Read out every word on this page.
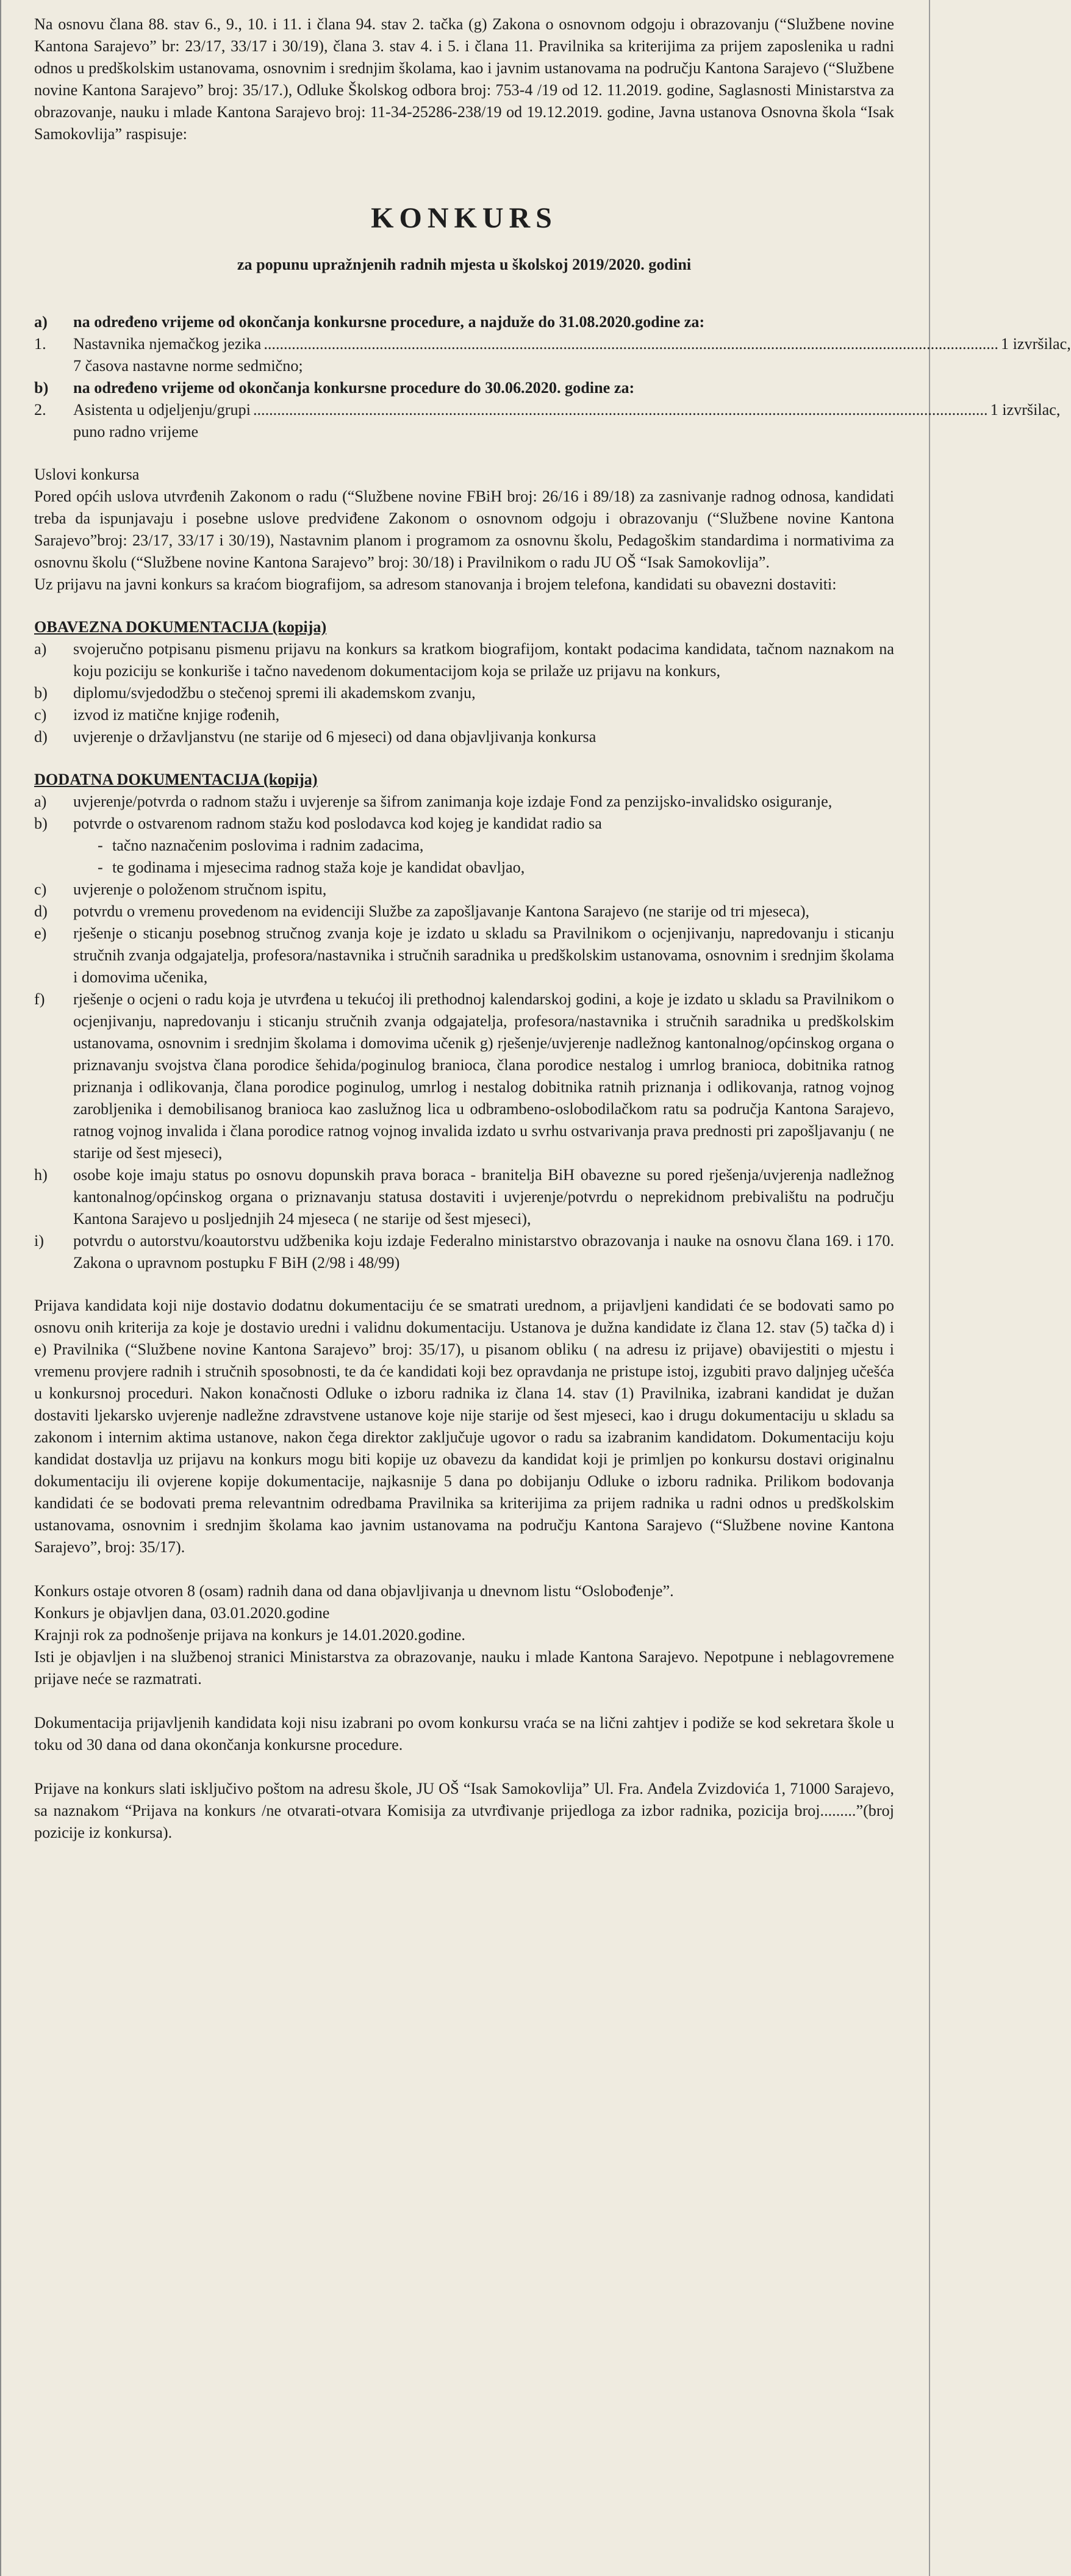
Na osnovu člana 88. stav 6., 9., 10. i 11. i člana 94. stav 2. tačka (g) Zakona o osnovnom odgoju i obrazovanju (“Službene novine Kantona Sarajevo” br: 23/17, 33/17 i 30/19), člana 3. stav 4. i 5. i člana 11. Pravilnika sa kriterijima za prijem zaposlenika u radni odnos u predškolskim ustanovama, osnovnim i srednjim školama, kao i javnim ustanovama na području Kantona Sarajevo (“Službene novine Kantona Sarajevo” broj: 35/17.), Odluke Školskog odbora broj: 753-4 /19 od 12. 11.2019. godine, Saglasnosti Ministarstva za obrazovanje, nauku i mlade Kantona Sarajevo broj: 11-34-25286-238/19 od 19.12.2019. godine, Javna ustanova Osnovna škola “Isak Samokovlija” raspisuje:

KONKURS
za popunu upražnjenih radnih mjesta u školskoj 2019/2020. godini
a)	na određeno vrijeme od okončanja konkursne procedure, a najduže do 31.08.2020.godine za:
1.	Nastavnika njemačkog jezika ........................................................................................................................................................................................ 1 izvršilac,
7 časova nastavne norme sedmično;
b)	na određeno vrijeme od okončanja konkursne procedure do 30.06.2020. godine za:
2.	Asistenta u odjeljenju/grupi ........................................................................................................................................................................................ 1 izvršilac,
puno radno vrijeme
Uslovi konkursa

Pored općih uslova utvrđenih Zakonom o radu (“Službene novine FBiH broj: 26/16 i 89/18) za zasnivanje radnog odnosa, kandidati treba da ispunjavaju i posebne uslove predviđene Zakonom o osnovnom odgoju i obrazovanju (“Službene novine Kantona Sarajevo”broj: 23/17, 33/17 i 30/19), Nastavnim planom i programom za osnovnu školu, Pedagoškim standardima i normativima za osnovnu školu (“Službene novine Kantona Sarajevo” broj: 30/18) i Pravilnikom o radu JU OŠ “Isak Samokovlija”.

Uz prijavu na javni konkurs sa kraćom biografijom, sa adresom stanovanja i brojem telefona, kandidati su obavezni dostaviti:

OBAVEZNA DOKUMENTACIJA (kopija)
a)	svojeručno potpisanu pismenu prijavu na konkurs sa kratkom biografijom, kontakt podacima kandidata, tačnom naznakom na koju poziciju se konkuriše i tačno navedenom dokumentacijom koja se prilaže uz prijavu na konkurs,
b)	diplomu/svjedodžbu o stečenoj spremi ili akademskom zvanju,
c)	izvod iz matične knjige rođenih,
d)	uvjerenje o državljanstvu (ne starije od 6 mjeseci) od dana objavljivanja konkursa
DODATNA DOKUMENTACIJA (kopija)
a)	uvjerenje/potvrda o radnom stažu i uvjerenje sa šifrom zanimanja koje izdaje Fond za penzijsko-invalidsko osiguranje,
b)	potvrde o ostvarenom radnom stažu kod poslodavca kod kojeg je kandidat radio sa
- tačno naznačenim poslovima i radnim zadacima,
- te godinama i mjesecima radnog staža koje je kandidat obavljao,
c)	uvjerenje o položenom stručnom ispitu,
d)	potvrdu o vremenu provedenom na evidenciji Službe za zapošljavanje Kantona Sarajevo (ne starije od tri mjeseca),
e)	rješenje o sticanju posebnog stručnog zvanja koje je izdato u skladu sa Pravilnikom o ocjenjivanju, napredovanju i sticanju stručnih zvanja odgajatelja, profesora/nastavnika i stručnih saradnika u predškolskim ustanovama, osnovnim i srednjim školama i domovima učenika,
f)	rješenje o ocjeni o radu koja je utvrđena u tekućoj ili prethodnoj kalendarskoj godini, a koje je izdato u skladu sa Pravilnikom o ocjenjivanju, napredovanju i sticanju stručnih zvanja odgajatelja, profesora/nastavnika i stručnih saradnika u predškolskim ustanovama, osnovnim i srednjim školama i domovima učenik g) rješenje/uvjerenje nadležnog kantonalnog/općinskog organa o priznavanju svojstva člana porodice šehida/poginulog branioca, člana porodice nestalog i umrlog branioca, dobitnika ratnog priznanja i odlikovanja, člana porodice poginulog, umrlog i nestalog dobitnika ratnih priznanja i odlikovanja, ratnog vojnog zarobljenika i demobilisanog branioca kao zaslužnog lica u odbrambeno-oslobodilačkom ratu sa područja Kantona Sarajevo, ratnog vojnog invalida i člana porodice ratnog vojnog invalida izdato u svrhu ostvarivanja prava prednosti pri zapošljavanju ( ne starije od šest mjeseci),
h)	osobe koje imaju status po osnovu dopunskih prava boraca - branitelja BiH obavezne su pored rješenja/uvjerenja nadležnog kantonalnog/općinskog organa o priznavanju statusa dostaviti i uvjerenje/potvrdu o neprekidnom prebivalištu na području Kantona Sarajevo u posljednjih 24 mjeseca ( ne starije od šest mjeseci),
i)	potvrdu o autorstvu/koautorstvu udžbenika koju izdaje Federalno ministarstvo obrazovanja i nauke na osnovu člana 169. i 170. Zakona o upravnom postupku F BiH (2/98 i 48/99)

Prijava kandidata koji nije dostavio dodatnu dokumentaciju će se smatrati urednom, a prijavljeni kandidati će se bodovati samo po osnovu onih kriterija za koje je dostavio uredni i validnu dokumentaciju. Ustanova je dužna kandidate iz člana 12. stav (5) tačka d) i e) Pravilnika (“Službene novine Kantona Sarajevo” broj: 35/17), u pisanom obliku ( na adresu iz prijave) obavijestiti o mjestu i vremenu provjere radnih i stručnih sposobnosti, te da će kandidati koji bez opravdanja ne pristupe istoj, izgubiti pravo daljnjeg učešća u konkursnoj proceduri. Nakon konačnosti Odluke o izboru radnika iz člana 14. stav (1) Pravilnika, izabrani kandidat je dužan dostaviti ljekarsko uvjerenje nadležne zdravstvene ustanove koje nije starije od šest mjeseci, kao i drugu dokumentaciju u skladu sa zakonom i internim aktima ustanove, nakon čega direktor zaključuje ugovor o radu sa izabranim kandidatom. Dokumentaciju koju kandidat dostavlja uz prijavu na konkurs mogu biti kopije uz obavezu da kandidat koji je primljen po konkursu dostavi originalnu dokumentaciju ili ovjerene kopije dokumentacije, najkasnije 5 dana po dobijanju Odluke o izboru radnika. Prilikom bodovanja kandidati će se bodovati prema relevantnim odredbama Pravilnika sa kriterijima za prijem radnika u radni odnos u predškolskim ustanovama, osnovnim i srednjim školama kao javnim ustanovama na području Kantona Sarajevo (“Službene novine Kantona Sarajevo”, broj: 35/17).

Konkurs ostaje otvoren 8 (osam) radnih dana od dana objavljivanja u dnevnom listu “Oslobođenje”.

Konkurs je objavljen dana, 03.01.2020.godine

Krajnji rok za podnošenje prijava na konkurs je 14.01.2020.godine.

Isti je objavljen i na službenoj stranici Ministarstva za obrazovanje, nauku i mlade Kantona Sarajevo. Nepotpune i neblagovremene prijave neće se razmatrati.

Dokumentacija prijavljenih kandidata koji nisu izabrani po ovom konkursu vraća se na lični zahtjev i podiže se kod sekretara škole u toku od 30 dana od dana okončanja konkursne procedure.

Prijave na konkurs slati isključivo poštom na adresu škole, JU OŠ “Isak Samokovlija” Ul. Fra. Anđela Zvizdovića 1, 71000 Sarajevo, sa naznakom “Prijava na konkurs /ne otvarati-otvara Komisija za utvrđivanje prijedloga za izbor radnika, pozicija broj.........”(broj pozicije iz konkursa).
